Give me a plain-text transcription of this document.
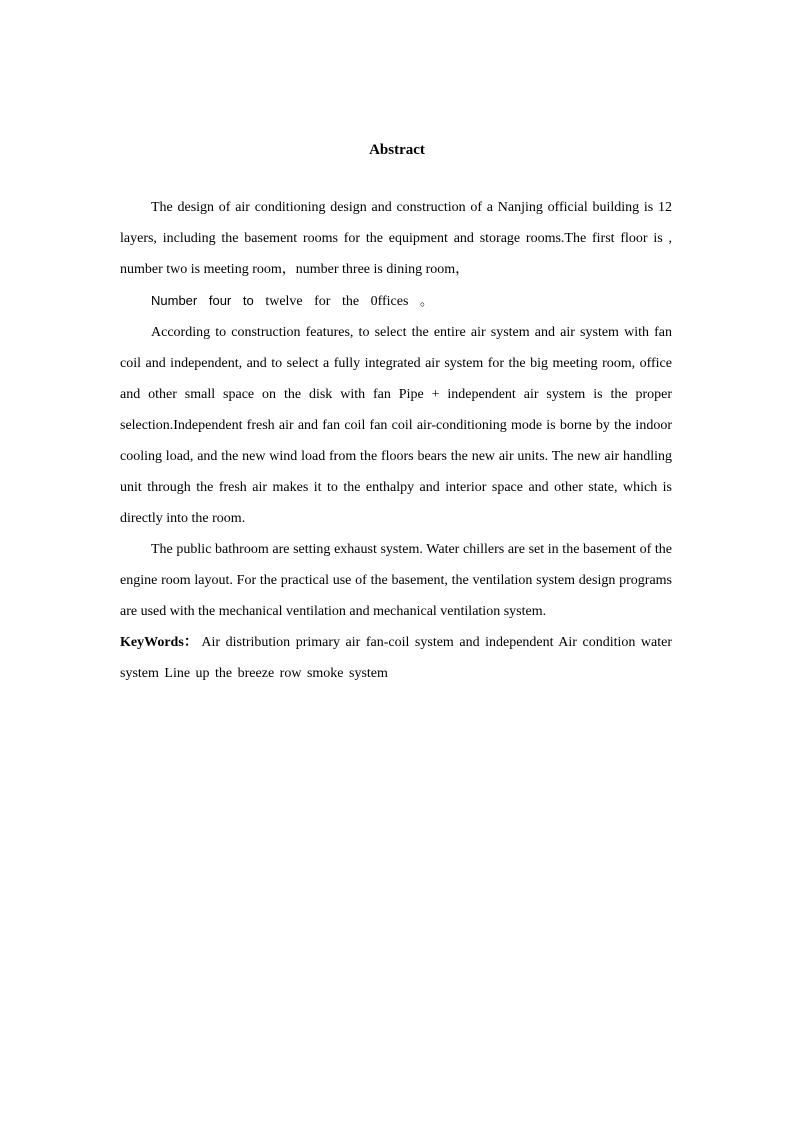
Abstract

The design of air conditioning design and construction of a Nanjing official building is 12 layers, including the basement rooms for the equipment and storage rooms.The first floor is , number two is meeting room，number three is dining room，

Number four to twelve for the 0ffices 。

According to construction features, to select the entire air system and air system with fan coil and independent, and to select a fully integrated air system for the big meeting room, office and other small space on the disk with fan Pipe + independent air system is the proper selection.Independent fresh air and fan coil fan coil air-conditioning mode is borne by the indoor cooling load, and the new wind load from the floors bears the new air units. The new air handling unit through the fresh air makes it to the enthalpy and interior space and other state, which is directly into the room.

The public bathroom are setting exhaust system. Water chillers are set in the basement of the engine room layout. For the practical use of the basement, the ventilation system design programs are used with the mechanical ventilation and mechanical ventilation system.

KeyWords： Air distribution primary air fan-coil system and independent Air condition water system Line up the breeze row smoke system
